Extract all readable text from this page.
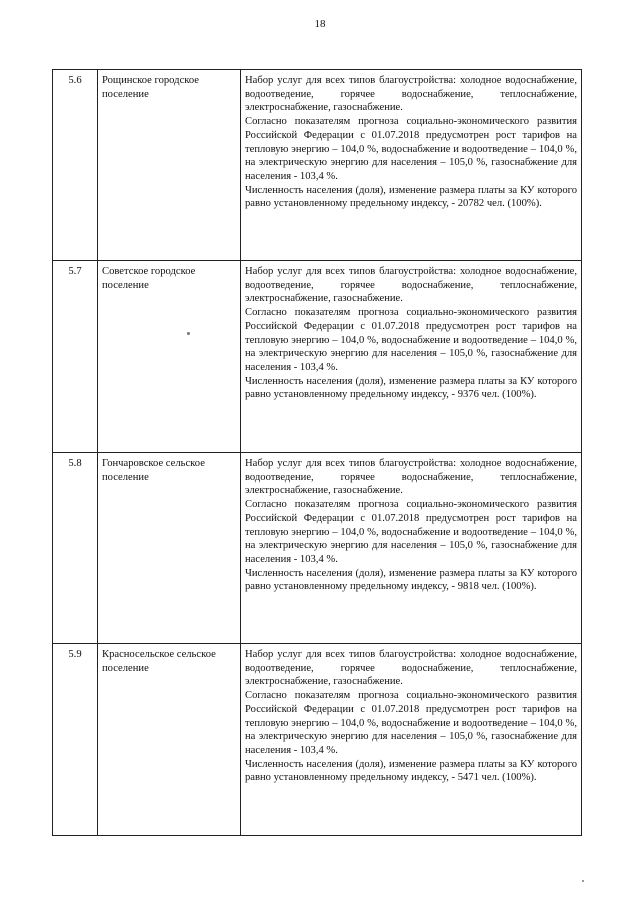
18
5.6	Рощинское городское поселение	Набор услуг для всех типов благоустройства: холодное водоснабжение, водоотведение, горячее водоснабжение, теплоснабжение, электроснабжение, газоснабжение.
Согласно показателям прогноза социально-экономического развития Российской Федерации с 01.07.2018 предусмотрен рост тарифов на тепловую энергию – 104,0 %, водоснабжение и водоотведение – 104,0 %, на электрическую энергию для населения – 105,0 %, газоснабжение для населения - 103,4 %.
Численность населения (доля), изменение размера платы за КУ которого равно установленному предельному индексу, - 20782 чел. (100%).

5.7	Советское городское поселение	Набор услуг для всех типов благоустройства: холодное водоснабжение, водоотведение, горячее водоснабжение, теплоснабжение, электроснабжение, газоснабжение.
Согласно показателям прогноза социально-экономического развития Российской Федерации с 01.07.2018 предусмотрен рост тарифов на тепловую энергию – 104,0 %, водоснабжение и водоотведение – 104,0 %, на электрическую энергию для населения – 105,0 %, газоснабжение для населения - 103,4 %.
Численность населения (доля), изменение размера платы за КУ которого равно установленному предельному индексу, - 9376 чел. (100%).

5.8	Гончаровское сельское поселение	Набор услуг для всех типов благоустройства: холодное водоснабжение, водоотведение, горячее водоснабжение, теплоснабжение, электроснабжение, газоснабжение.
Согласно показателям прогноза социально-экономического развития Российской Федерации с 01.07.2018 предусмотрен рост тарифов на тепловую энергию – 104,0 %, водоснабжение и водоотведение – 104,0 %, на электрическую энергию для населения – 105,0 %, газоснабжение для населения - 103,4 %.
Численность населения (доля), изменение размера платы за КУ которого равно установленному предельному индексу, - 9818 чел. (100%).

5.9	Красносельское сельское поселение	Набор услуг для всех типов благоустройства: холодное водоснабжение, водоотведение, горячее водоснабжение, теплоснабжение, электроснабжение, газоснабжение.
Согласно показателям прогноза социально-экономического развития Российской Федерации с 01.07.2018 предусмотрен рост тарифов на тепловую энергию – 104,0 %, водоснабжение и водоотведение – 104,0 %, на электрическую энергию для населения – 105,0 %, газоснабжение для населения - 103,4 %.
Численность населения (доля), изменение размера платы за КУ которого равно установленному предельному индексу, - 5471 чел. (100%).
